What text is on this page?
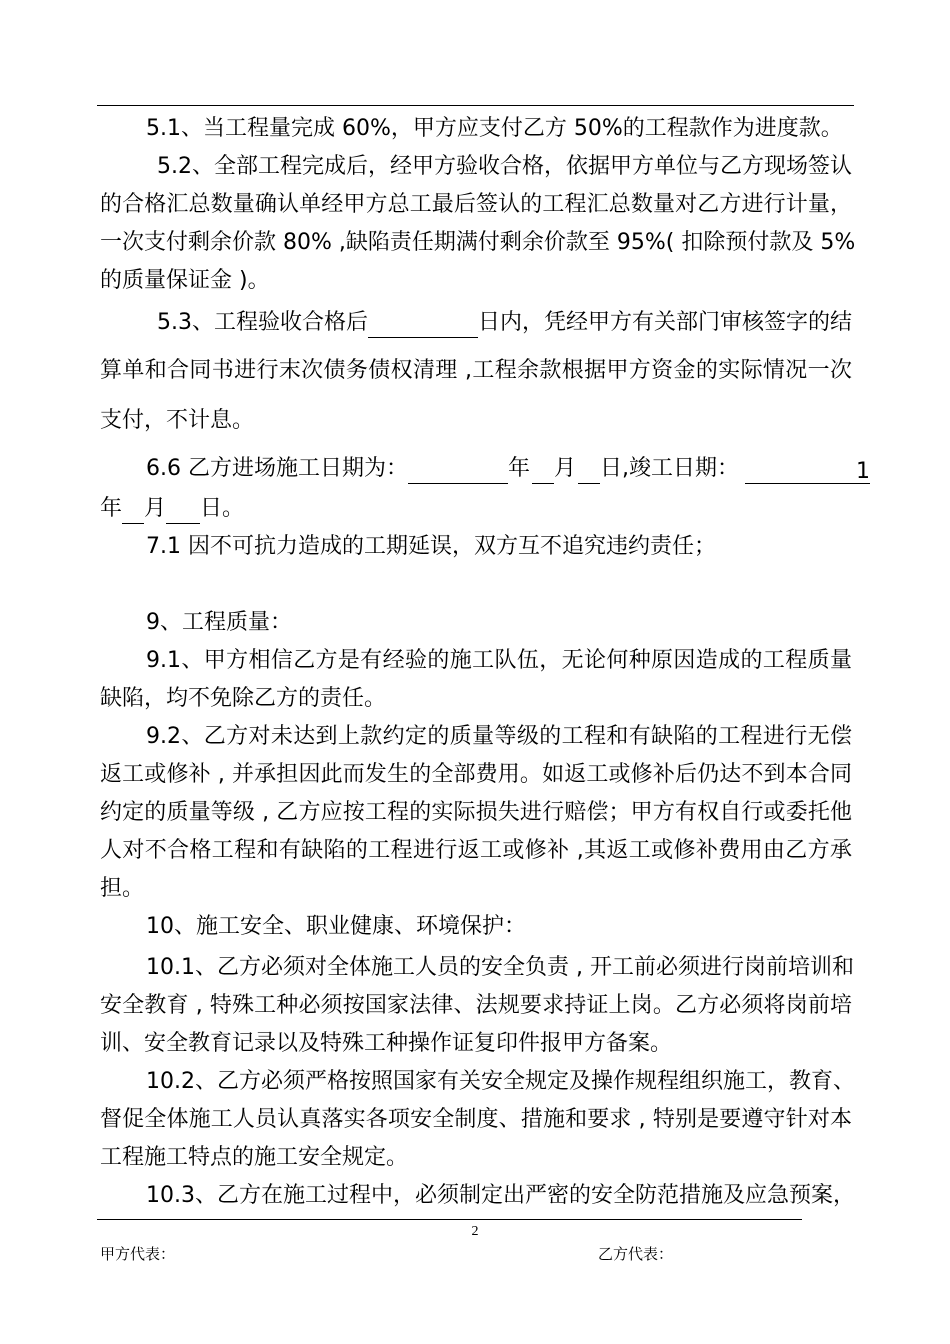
5.1、当工程量完成 60%，甲方应支付乙方 50%的工程款作为进度款。
5.2、全部工程完成后，经甲方验收合格，依据甲方单位与乙方现场签认
的合格汇总数量确认单经甲方总工最后签认的工程汇总数量对乙方进行计量，
一次支付剩余价款 80% ,缺陷责任期满付剩余价款至 95%( 扣除预付款及 5%
的质量保证金 )。
5.3、工程验收合格后	日内，凭经甲方有关部门审核签字的结
算单和合同书进行末次债务债权清理 ,工程余款根据甲方资金的实际情况一次
支付，不计息。
6.6 乙方进场施工日期为：	年 月 日,竣工日期：	1
年 月 日。
7.1 因不可抗力造成的工期延误，双方互不追究违约责任；
9、工程质量：
9.1、甲方相信乙方是有经验的施工队伍，无论何种原因造成的工程质量
缺陷，均不免除乙方的责任。
9.2、乙方对未达到上款约定的质量等级的工程和有缺陷的工程进行无偿
返工或修补 , 并承担因此而发生的全部费用。如返工或修补后仍达不到本合同
约定的质量等级 , 乙方应按工程的实际损失进行赔偿；甲方有权自行或委托他
人对不合格工程和有缺陷的工程进行返工或修补 ,其返工或修补费用由乙方承
担。
10、施工安全、职业健康、环境保护：
10.1、乙方必须对全体施工人员的安全负责 , 开工前必须进行岗前培训和
安全教育 , 特殊工种必须按国家法律、法规要求持证上岗。乙方必须将岗前培
训、安全教育记录以及特殊工种操作证复印件报甲方备案。
10.2、乙方必须严格按照国家有关安全规定及操作规程组织施工，教育、
督促全体施工人员认真落实各项安全制度、措施和要求 , 特别是要遵守针对本
工程施工特点的施工安全规定。
10.3、乙方在施工过程中，必须制定出严密的安全防范措施及应急预案，
2
甲方代表：	乙方代表：
